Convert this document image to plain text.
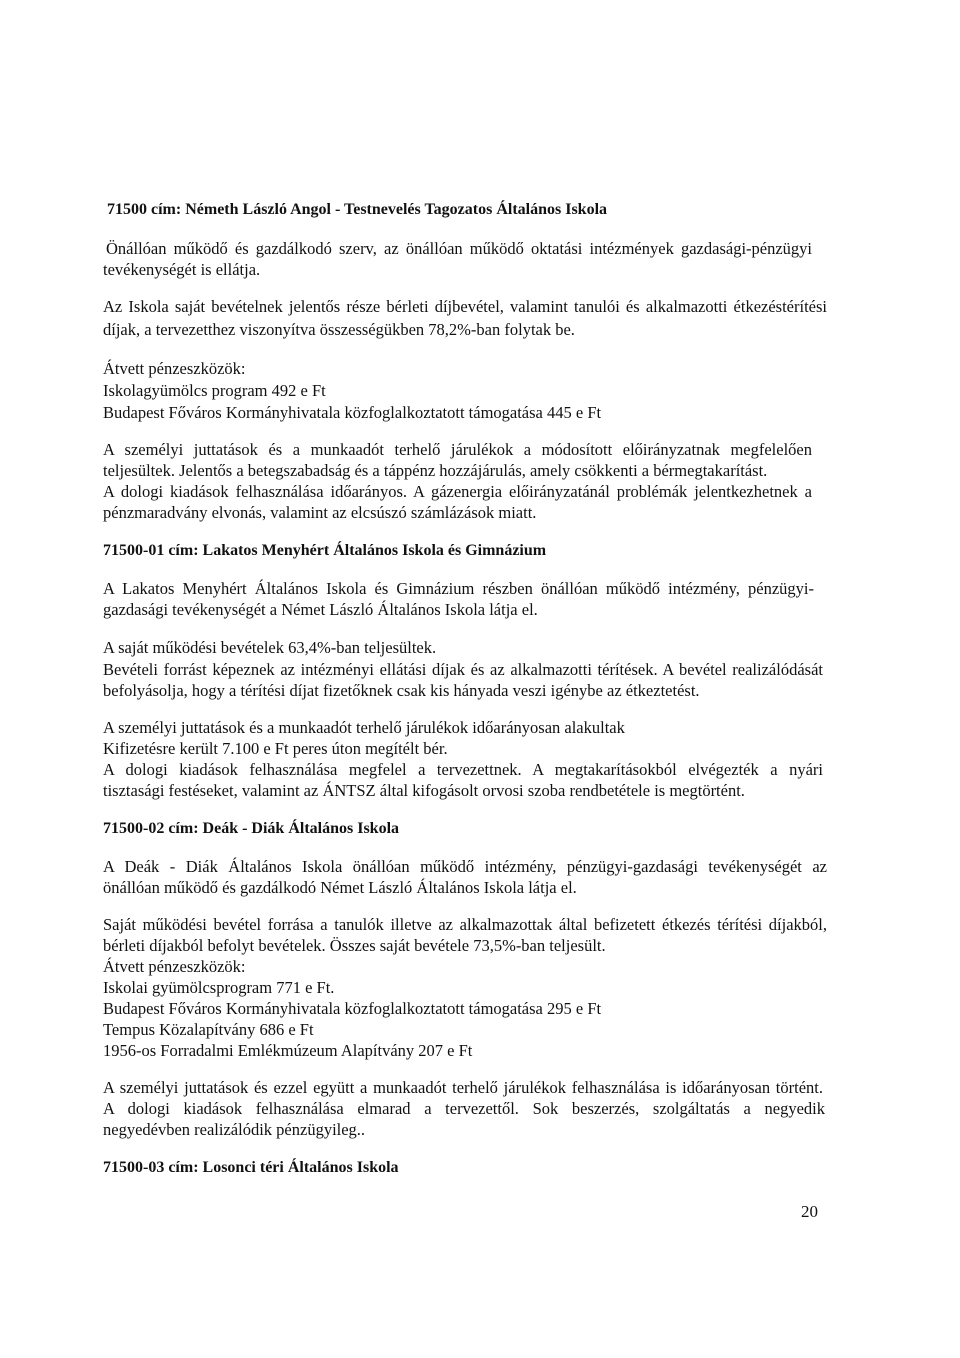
71500 cím: Németh László Angol - Testnevelés Tagozatos Általános Iskola
Önállóan működő és gazdálkodó szerv, az önállóan működő oktatási intézmények gazdasági-pénzügyi
tevékenységét is ellátja.
Az Iskola saját bevételnek jelentős része bérleti díjbevétel, valamint tanulói és alkalmazotti étkezéstérítési
díjak, a tervezetthez viszonyítva összességükben 78,2%-ban folytak be.
Átvett pénzeszközök:
Iskolagyümölcs program 492 e Ft
Budapest Főváros Kormányhivatala közfoglalkoztatott támogatása 445 e Ft
A személyi juttatások és a munkaadót terhelő járulékok a módosított előirányzatnak megfelelően
teljesültek. Jelentős a betegszabadság és a táppénz hozzájárulás, amely csökkenti a bérmegtakarítást.
A dologi kiadások felhasználása időarányos. A gázenergia előirányzatánál problémák jelentkezhetnek a
pénzmaradvány elvonás, valamint az elcsúszó számlázások miatt.
71500-01 cím: Lakatos Menyhért Általános Iskola és Gimnázium
A Lakatos Menyhért Általános Iskola és Gimnázium részben önállóan működő intézmény, pénzügyi-
gazdasági tevékenységét a Német László Általános Iskola látja el.
A saját működési bevételek 63,4%-ban teljesültek.
Bevételi forrást képeznek az intézményi ellátási díjak és az alkalmazotti térítések. A bevétel realizálódását
befolyásolja, hogy a térítési díjat fizetőknek csak kis hányada veszi igénybe az étkeztetést.
A személyi juttatások és a munkaadót terhelő járulékok időarányosan alakultak
Kifizetésre került 7.100 e Ft peres úton megítélt bér.
A dologi kiadások felhasználása megfelel a tervezettnek. A megtakarításokból elvégezték a nyári
tisztasági festéseket, valamint az ÁNTSZ által kifogásolt orvosi szoba rendbetétele is megtörtént.
71500-02 cím: Deák - Diák Általános Iskola
A Deák - Diák Általános Iskola önállóan működő intézmény, pénzügyi-gazdasági tevékenységét az
önállóan működő és gazdálkodó Német László Általános Iskola látja el.
Saját működési bevétel forrása a tanulók illetve az alkalmazottak által befizetett étkezés térítési díjakból,
bérleti díjakból befolyt bevételek. Összes saját bevétele 73,5%-ban teljesült.
Átvett pénzeszközök:
Iskolai gyümölcsprogram 771 e Ft.
Budapest Főváros Kormányhivatala közfoglalkoztatott támogatása 295 e Ft
Tempus Közalapítvány 686 e Ft
1956-os Forradalmi Emlékmúzeum Alapítvány 207 e Ft
A személyi juttatások és ezzel együtt a munkaadót terhelő járulékok felhasználása is időarányosan történt.
A dologi kiadások felhasználása elmarad a tervezettől. Sok beszerzés, szolgáltatás a negyedik
negyedévben realizálódik pénzügyileg..
71500-03 cím: Losonci téri Általános Iskola
20
